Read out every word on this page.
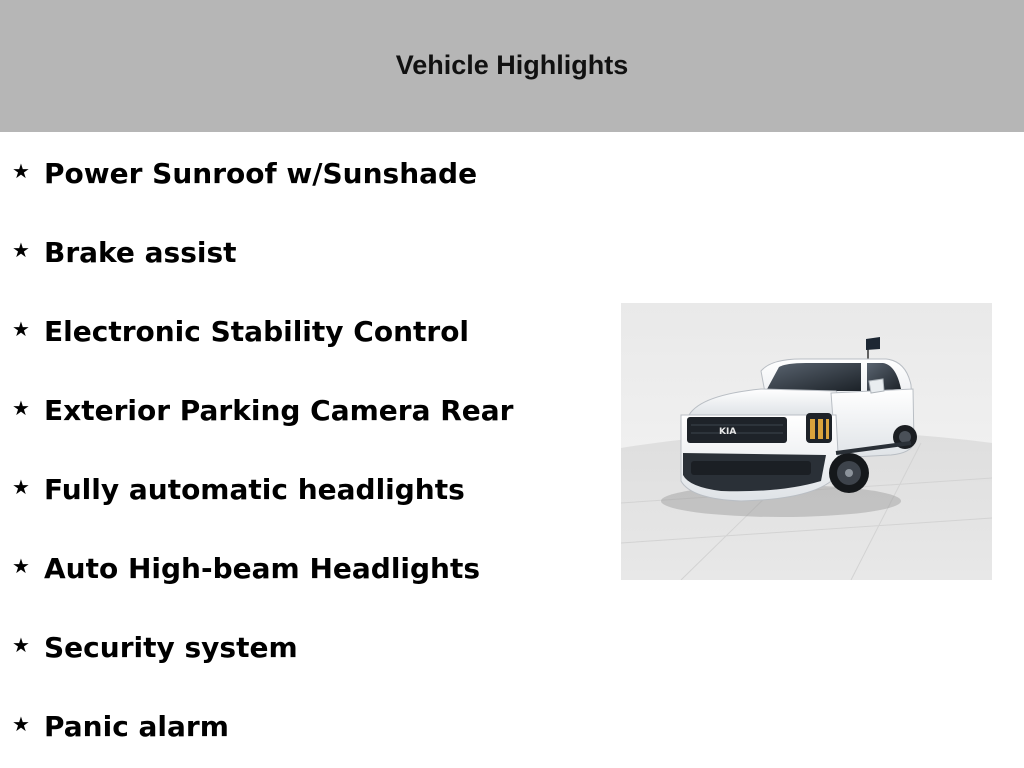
Vehicle Highlights
★ Power Sunroof w/Sunshade
★ Brake assist
★ Electronic Stability Control
★ Exterior Parking Camera Rear
★ Fully automatic headlights
★ Auto High-beam Headlights
★ Security system
★ Panic alarm
KIA
